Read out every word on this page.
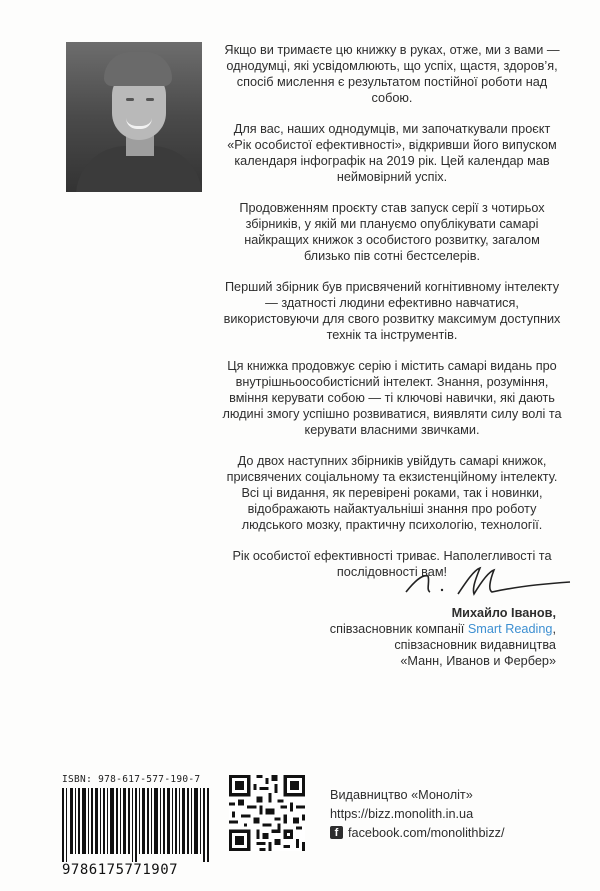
Якщо ви тримаєте цю книжку в руках, отже, ми з вами — однодумці, які усвідомлюють, що успіх, щастя, здоров’я, спосіб мислення є результатом постійної роботи над собою.

Для вас, наших однодумців, ми започаткували проєкт «Рік особистої ефективності», відкривши його випуском календаря інфографік на 2019 рік. Цей календар мав неймовірний успіх.

Продовженням проєкту став запуск серії з чотирьох збірників, у якій ми плануємо опублікувати самарі найкращих книжок з особистого розвитку, загалом близько пів сотні бестселерів.

Перший збірник був присвячений когнітивному інтелекту — здатності людини ефективно навчатися, використовуючи для свого розвитку максимум доступних технік та інструментів.

Ця книжка продовжує серію і містить самарі видань про внутрішньоособистісний інтелект. Знання, розуміння, вміння керувати собою — ті ключові навички, які дають людині змогу успішно розвиватися, виявляти силу волі та керувати власними звичками.

До двох наступних збірників увійдуть самарі книжок, присвячених соціальному та екзистенційному інтелекту. Всі ці видання, як перевірені роками, так і новинки, відображають найактуальніші знання про роботу людського мозку, практичну психологію, технології.

Рік особистої ефективності триває. Наполегливості та послідовності вам!

Михайло Іванов,
співзасновник компанії Smart Reading,
співзасновник видавництва
«Манн, Иванов и Фербер»
ISBN: 978-617-577-190-7
9786175771907
Видавництво «Моноліт»
https://bizz.monolith.in.ua
f facebook.com/monolithbizz/
